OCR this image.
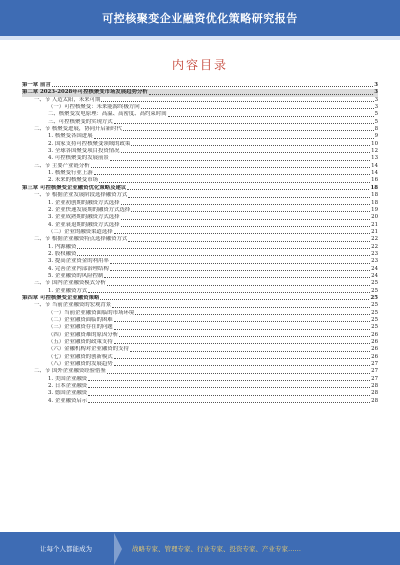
可控核聚变企业融资优化策略研究报告
内容目录
第一章 前言	3
第二章 2023-2028年可控核聚变市场发展趋势分析	3
一、节 人造太阳，未来可期	3
（一）可控核聚变：未来能源终极方向	3
二、核聚变发电原理：高温、高密度、高约束时间	5
三、可控核聚变的实现方式	5
二、节 核聚变进展，协同开启新时代	8
1. 核聚变各国进展	9
2. 国家支持可控核聚变领域的政策	10
3. 全球各国聚变项目投资情况	12
4. 可控核聚变的发展前景	13
三、节 主要产业链分析	14
1. 核聚变行业上游	14
2. 未来的核聚变市场	16
第三章 可控核聚变企业融资优化策略及建议	18
一、节 根据企业发展阶段选择融资方式	18
1. 企业初创期的融资方式选择	18
2. 企业快速发展期的融资方式选择	19
3. 企业成熟期的融资方式选择	20
4. 企业衰退期的融资方式选择	21
（二）企业的融资渠道选择	21
二、节 根据企业融资特点选择融资方式	22
1. 内源融资	22
2. 股权融资	23
3. 提高企业资金的利用率	23
4. 完善企业内部治理结构	24
5. 企业融资的风险控制	24
三、节 国内企业融资模式分析	25
1. 企业融资方式	25
第四章 可控核聚变企业融资策略	25
一、节 当前企业融资的宏观背景	25
（一）当前企业融资面临的市场环境	25
（二）企业融资面临的困难	25
（三）企业融资存在的问题	25
（四）企业融资难的原因分析	26
（五）企业融资的政策支持	26
（六）金融机构对企业融资的支持	26
（七）企业融资的创新模式	26
（八）企业融资的发展趋势	27
二、节 国外企业融资经验借鉴	27
1. 美国企业融资	27
2. 日本企业融资	28
3. 德国企业融资	28
4. 企业融资启示	28
让每个人都能成为	战略专家、管理专家、行业专家、投资专家、产业专家……
